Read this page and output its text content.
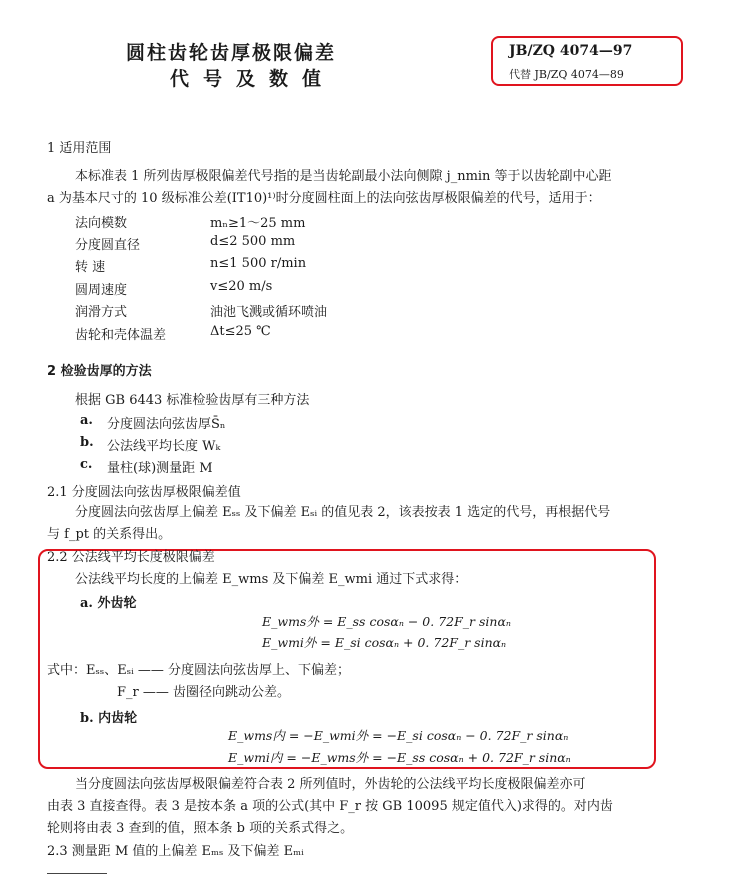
圆柱齿轮齿厚极限偏差
代号及数值
JB/ZQ 4074—97
代替 JB/ZQ 4074—89
1 适用范围
本标准表 1 所列齿厚极限偏差代号指的是当齿轮副最小法向侧隙 j_nmin 等于以齿轮副中心距
a 为基本尺寸的 10 级标准公差(IT10)¹⁾时分度圆柱面上的法向弦齿厚极限偏差的代号，适用于：
法向模数	mₙ≥1～25 mm
分度圆直径	d≤2 500 mm
转 速	n≤1 500 r/min
圆周速度	v≤20 m/s
润滑方式	油池飞溅或循环喷油
齿轮和壳体温差	Δt≤25 ℃
2 检验齿厚的方法
根据 GB 6443 标准检验齿厚有三种方法
a. 分度圆法向弦齿厚S̄ₙ
b. 公法线平均长度 Wₖ
c. 量柱(球)测量距 M
2.1 分度圆法向弦齿厚极限偏差值
分度圆法向弦齿厚上偏差 Eₛₛ 及下偏差 Eₛᵢ 的值见表 2，该表按表 1 选定的代号，再根据代号
与 f_pt 的关系得出。
2.2 公法线平均长度极限偏差
公法线平均长度的上偏差 E_wms 及下偏差 E_wmi 通过下式求得：
a. 外齿轮
E_wms外 = E_ss cosαₙ − 0. 72F_r sinαₙ
E_wmi外 = E_si cosαₙ + 0. 72F_r sinαₙ
式中：Eₛₛ、Eₛᵢ —— 分度圆法向弦齿厚上、下偏差；
F_r —— 齿圈径向跳动公差。
b. 内齿轮
E_wms内 = −E_wmi外 = −E_si cosαₙ − 0. 72F_r sinαₙ
E_wmi内 = −E_wms外 = −E_ss cosαₙ + 0. 72F_r sinαₙ
当分度圆法向弦齿厚极限偏差符合表 2 所列值时，外齿轮的公法线平均长度极限偏差亦可
由表 3 直接查得。表 3 是按本条 a 项的公式(其中 F_r 按 GB 10095 规定值代入)求得的。对内齿
轮则将由表 3 查到的值，照本条 b 项的关系式得之。
2.3 测量距 M 值的上偏差 Eₘₛ 及下偏差 Eₘᵢ
